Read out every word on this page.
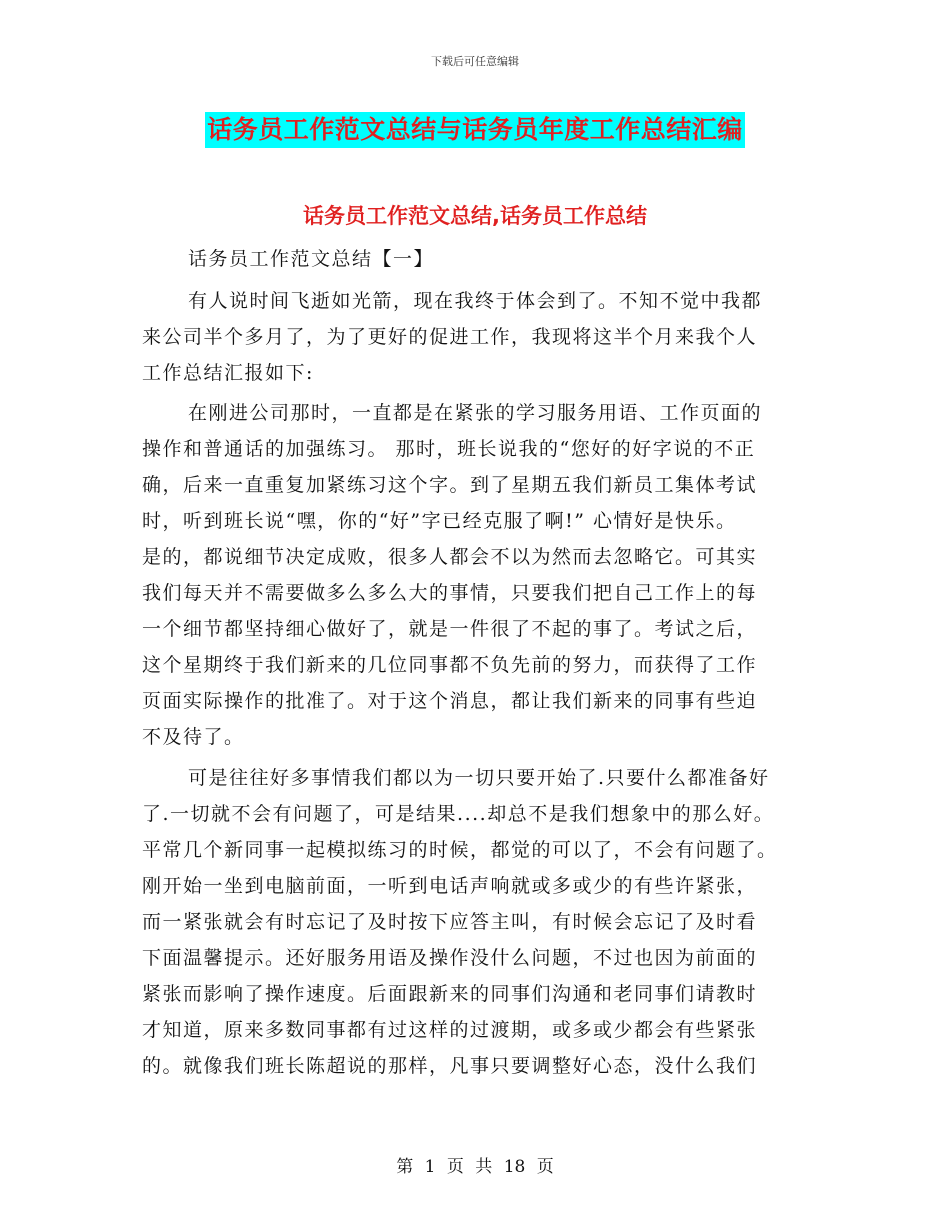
下载后可任意编辑
话务员工作范文总结与话务员年度工作总结汇编
话务员工作范文总结,话务员工作总结
话务员工作范文总结【一】
有人说时间飞逝如光箭，现在我终于体会到了。不知不觉中我都
来公司半个多月了，为了更好的促进工作，我现将这半个月来我个人
工作总结汇报如下:
在刚进公司那时，一直都是在紧张的学习服务用语、工作页面的
操作和普通话的加强练习。 那时，班长说我的“您好的好字说的不正
确，后来一直重复加紧练习这个字。到了星期五我们新员工集体考试
时，听到班长说“嘿，你的“好”字已经克服了啊!” 心情好是快乐。
是的，都说细节决定成败，很多人都会不以为然而去忽略它。可其实
我们每天并不需要做多么多么大的事情，只要我们把自己工作上的每
一个细节都坚持细心做好了，就是一件很了不起的事了。考试之后，
这个星期终于我们新来的几位同事都不负先前的努力，而获得了工作
页面实际操作的批准了。对于这个消息，都让我们新来的同事有些迫
不及待了。
可是往往好多事情我们都以为一切只要开始了.只要什么都准备好
了.一切就不会有问题了，可是结果....却总不是我们想象中的那么好。
平常几个新同事一起模拟练习的时候，都觉的可以了，不会有问题了。
刚开始一坐到电脑前面，一听到电话声响就或多或少的有些许紧张，
而一紧张就会有时忘记了及时按下应答主叫，有时候会忘记了及时看
下面温馨提示。还好服务用语及操作没什么问题，不过也因为前面的
紧张而影响了操作速度。后面跟新来的同事们沟通和老同事们请教时
才知道，原来多数同事都有过这样的过渡期，或多或少都会有些紧张
的。就像我们班长陈超说的那样，凡事只要调整好心态，没什么我们
第 1 页 共 18 页
